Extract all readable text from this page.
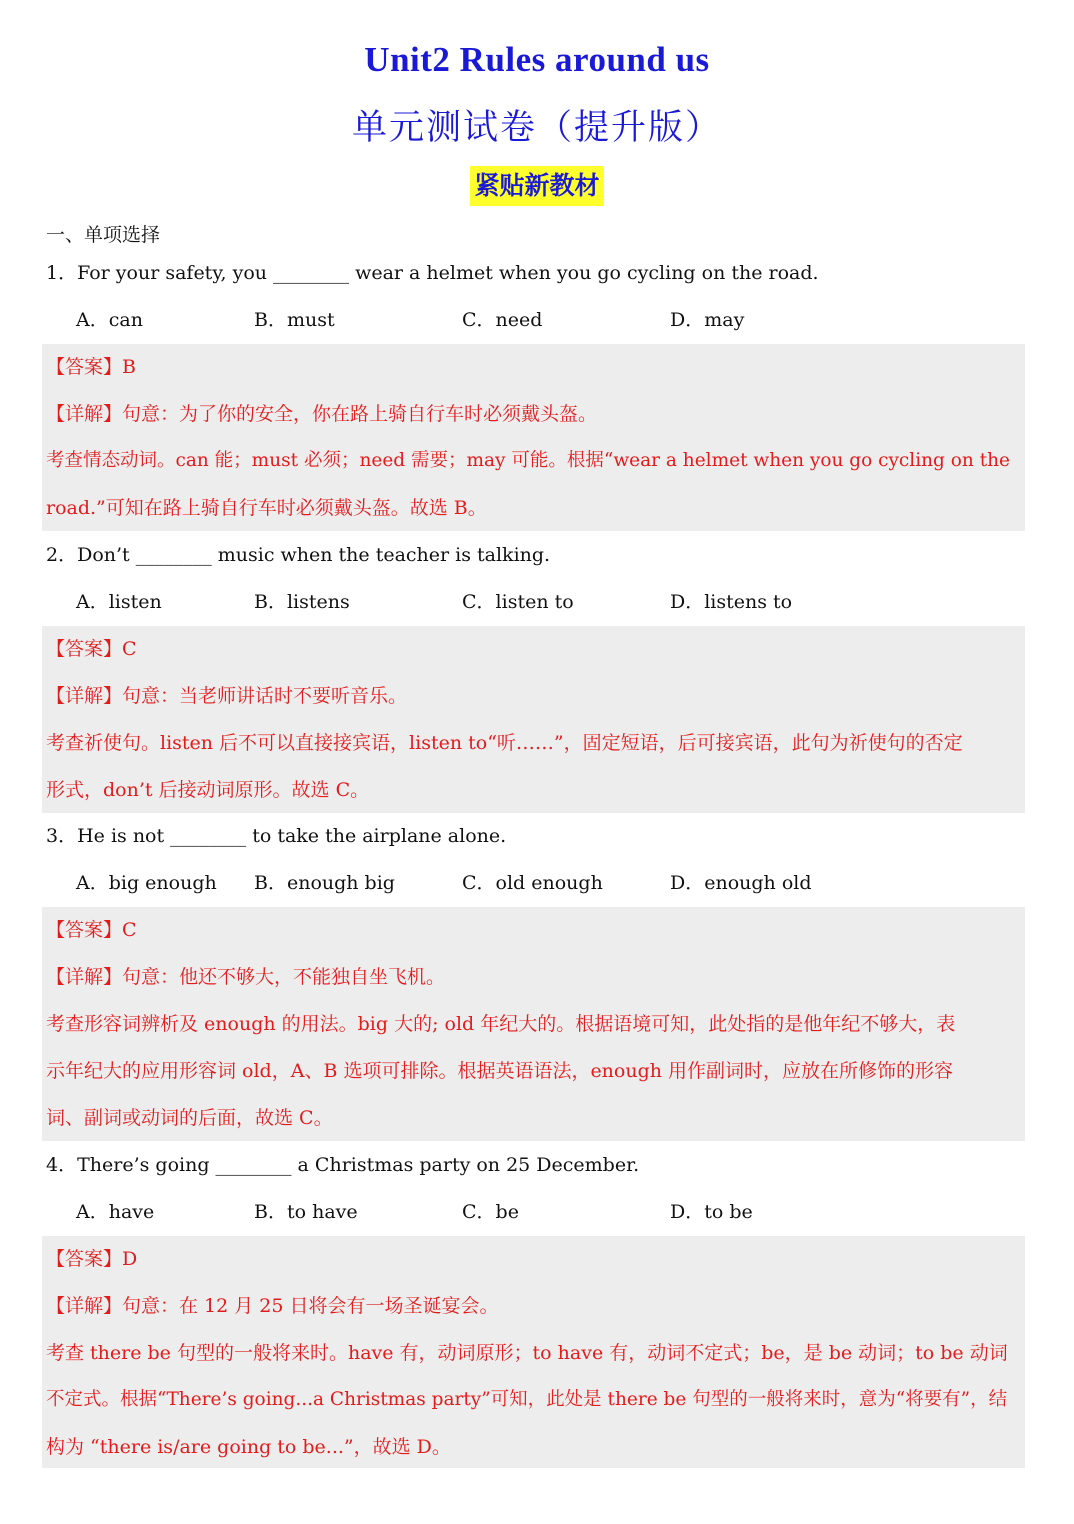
Unit2 Rules around us
单元测试卷（提升版）
紧贴新教材
一、单项选择
1．For your safety, you ________ wear a helmet when you go cycling on the road.
A．can	B．must	C．need	D．may
【答案】B
【详解】句意：为了你的安全，你在路上骑自行车时必须戴头盔。
考查情态动词。can 能；must 必须；need 需要；may 可能。根据“wear a helmet when you go cycling on the
road.”可知在路上骑自行车时必须戴头盔。故选 B。
2．Don’t ________ music when the teacher is talking.
A．listen	B．listens	C．listen to	D．listens to
【答案】C
【详解】句意：当老师讲话时不要听音乐。
考查祈使句。listen 后不可以直接接宾语，listen to“听……”，固定短语，后可接宾语，此句为祈使句的否定
形式，don’t 后接动词原形。故选 C。
3．He is not ________ to take the airplane alone.
A．big enough B．enough big	C．old enough	D．enough old
【答案】C
【详解】句意：他还不够大，不能独自坐飞机。
考查形容词辨析及 enough 的用法。big 大的; old 年纪大的。根据语境可知，此处指的是他年纪不够大，表
示年纪大的应用形容词 old，A、B 选项可排除。根据英语语法，enough 用作副词时，应放在所修饰的形容
词、副词或动词的后面，故选 C。
4．There’s going ________ a Christmas party on 25 December.
A．have	B．to have	C．be	D．to be
【答案】D
【详解】句意：在 12 月 25 日将会有一场圣诞宴会。
考查 there be 句型的一般将来时。have 有，动词原形；to have 有，动词不定式；be，是 be 动词；to be 动词
不定式。根据“There’s going...a Christmas party”可知，此处是 there be 句型的一般将来时，意为“将要有”，结
构为 “there is/are going to be...”，故选 D。
